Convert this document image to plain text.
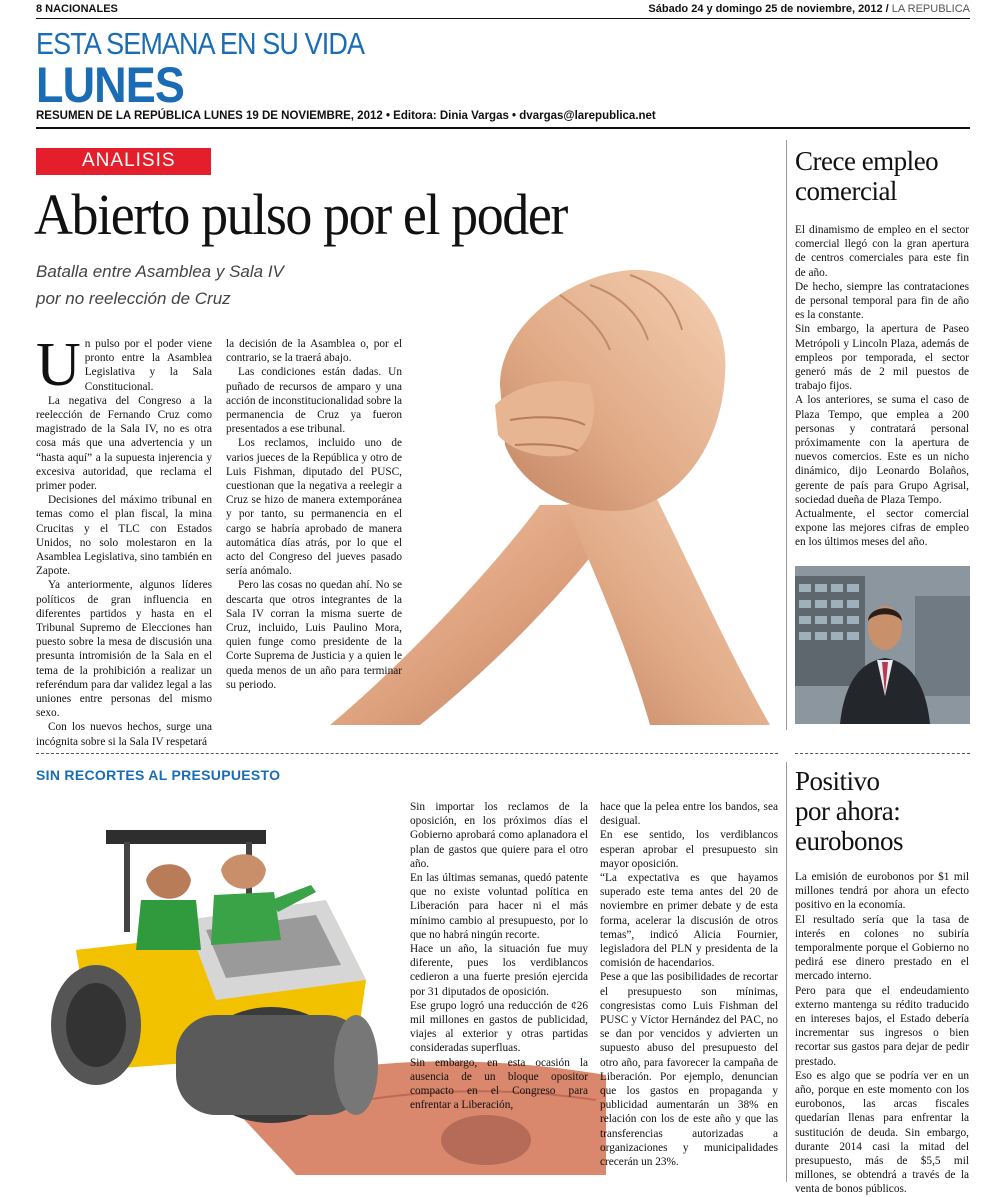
8 NACIONALES	Sábado 24 y domingo 25 de noviembre, 2012 / LA REPUBLICA
ESTA SEMANA EN SU VIDA
LUNES
RESUMEN DE LA REPÚBLICA LUNES 19 DE NOVIEMBRE, 2012 • Editora: Dinia Vargas • dvargas@larepublica.net
ANALISIS
Abierto pulso por el poder
Batalla entre Asamblea y Sala IV
por no reelección de Cruz

Un pulso por el poder viene pronto entre la Asamblea Legislativa y la Sala Constitucional.

La negativa del Congreso a la reelección de Fernando Cruz como magistrado de la Sala IV, no es otra cosa más que una advertencia y un “hasta aquí” a la supuesta injerencia y excesiva autoridad, que reclama el primer poder.

Decisiones del máximo tribunal en temas como el plan fiscal, la mina Crucitas y el TLC con Estados Unidos, no solo molestaron en la Asamblea Legislativa, sino también en Zapote.

Ya anteriormente, algunos líderes políticos de gran influencia en diferentes partidos y hasta en el Tribunal Supremo de Elecciones han puesto sobre la mesa de discusión una presunta intromisión de la Sala en el tema de la prohibición a realizar un referéndum para dar validez legal a las uniones entre personas del mismo sexo.

Con los nuevos hechos, surge una incógnita sobre si la Sala IV respetará

la decisión de la Asamblea o, por el contrario, se la traerá abajo.

Las condiciones están dadas. Un puñado de recursos de amparo y una acción de inconstitucionalidad sobre la permanencia de Cruz ya fueron presentados a ese tribunal.

Los reclamos, incluido uno de varios jueces de la República y otro de Luis Fishman, diputado del PUSC, cuestionan que la negativa a reelegir a Cruz se hizo de manera extemporánea y por tanto, su permanencia en el cargo se habría aprobado de manera automática días atrás, por lo que el acto del Congreso del jueves pasado sería anómalo.

Pero las cosas no quedan ahí. No se descarta que otros integrantes de la Sala IV corran la misma suerte de Cruz, incluido, Luis Paulino Mora, quien funge como presidente de la Corte Suprema de Justicia y a quien le queda menos de un año para terminar su periodo.

Crece empleo
comercial

El dinamismo de empleo en el sector comercial llegó con la gran apertura de centros comerciales para este fin de año.

De hecho, siempre las contrataciones de personal temporal para fin de año es la constante.

Sin embargo, la apertura de Paseo Metrópoli y Lincoln Plaza, además de empleos por temporada, el sector generó más de 2 mil puestos de trabajo fijos.

A los anteriores, se suma el caso de Plaza Tempo, que emplea a 200 personas y contratará personal próximamente con la apertura de nuevos comercios. Este es un nicho dinámico, dijo Leonardo Bolaños, gerente de país para Grupo Agrisal, sociedad dueña de Plaza Tempo.

Actualmente, el sector comercial expone las mejores cifras de empleo en los últimos meses del año.

SIN RECORTES AL PRESUPUESTO

Sin importar los reclamos de la oposición, en los próximos días el Gobierno aprobará como aplanadora el plan de gastos que quiere para el otro año.

En las últimas semanas, quedó patente que no existe voluntad política en Liberación para hacer ni el más mínimo cambio al presupuesto, por lo que no habrá ningún recorte.

Hace un año, la situación fue muy diferente, pues los verdiblancos cedieron a una fuerte presión ejercida por 31 diputados de oposición.

Ese grupo logró una reducción de ¢26 mil millones en gastos de publicidad, viajes al exterior y otras partidas consideradas superfluas.

Sin embargo, en esta ocasión la ausencia de un bloque opositor compacto en el Congreso para enfrentar a Liberación,

hace que la pelea entre los bandos, sea desigual.

En ese sentido, los verdiblancos esperan aprobar el presupuesto sin mayor oposición.

“La expectativa es que hayamos superado este tema antes del 20 de noviembre en primer debate y de esta forma, acelerar la discusión de otros temas”, indicó Alicia Fournier, legisladora del PLN y presidenta de la comisión de hacendarios.

Pese a que las posibilidades de recortar el presupuesto son mínimas, congresistas como Luis Fishman del PUSC y Víctor Hernández del PAC, no se dan por vencidos y advierten un supuesto abuso del presupuesto del otro año, para favorecer la campaña de Liberación. Por ejemplo, denuncian que los gastos en propaganda y publicidad aumentarán un 38% en relación con los de este año y que las transferencias autorizadas a organizaciones y municipalidades crecerán un 23%.

Positivo
por ahora:
eurobonos

La emisión de eurobonos por $1 mil millones tendrá por ahora un efecto positivo en la economía.

El resultado sería que la tasa de interés en colones no subiría temporalmente porque el Gobierno no pedirá ese dinero prestado en el mercado interno.

Pero para que el endeudamiento externo mantenga su rédito traducido en intereses bajos, el Estado debería incrementar sus ingresos o bien recortar sus gastos para dejar de pedir prestado.

Eso es algo que se podría ver en un año, porque en este momento con los eurobonos, las arcas fiscales quedarían llenas para enfrentar la sustitución de deuda. Sin embargo, durante 2014 casi la mitad del presupuesto, más de $5,5 mil millones, se obtendrá a través de la venta de bonos públicos.
